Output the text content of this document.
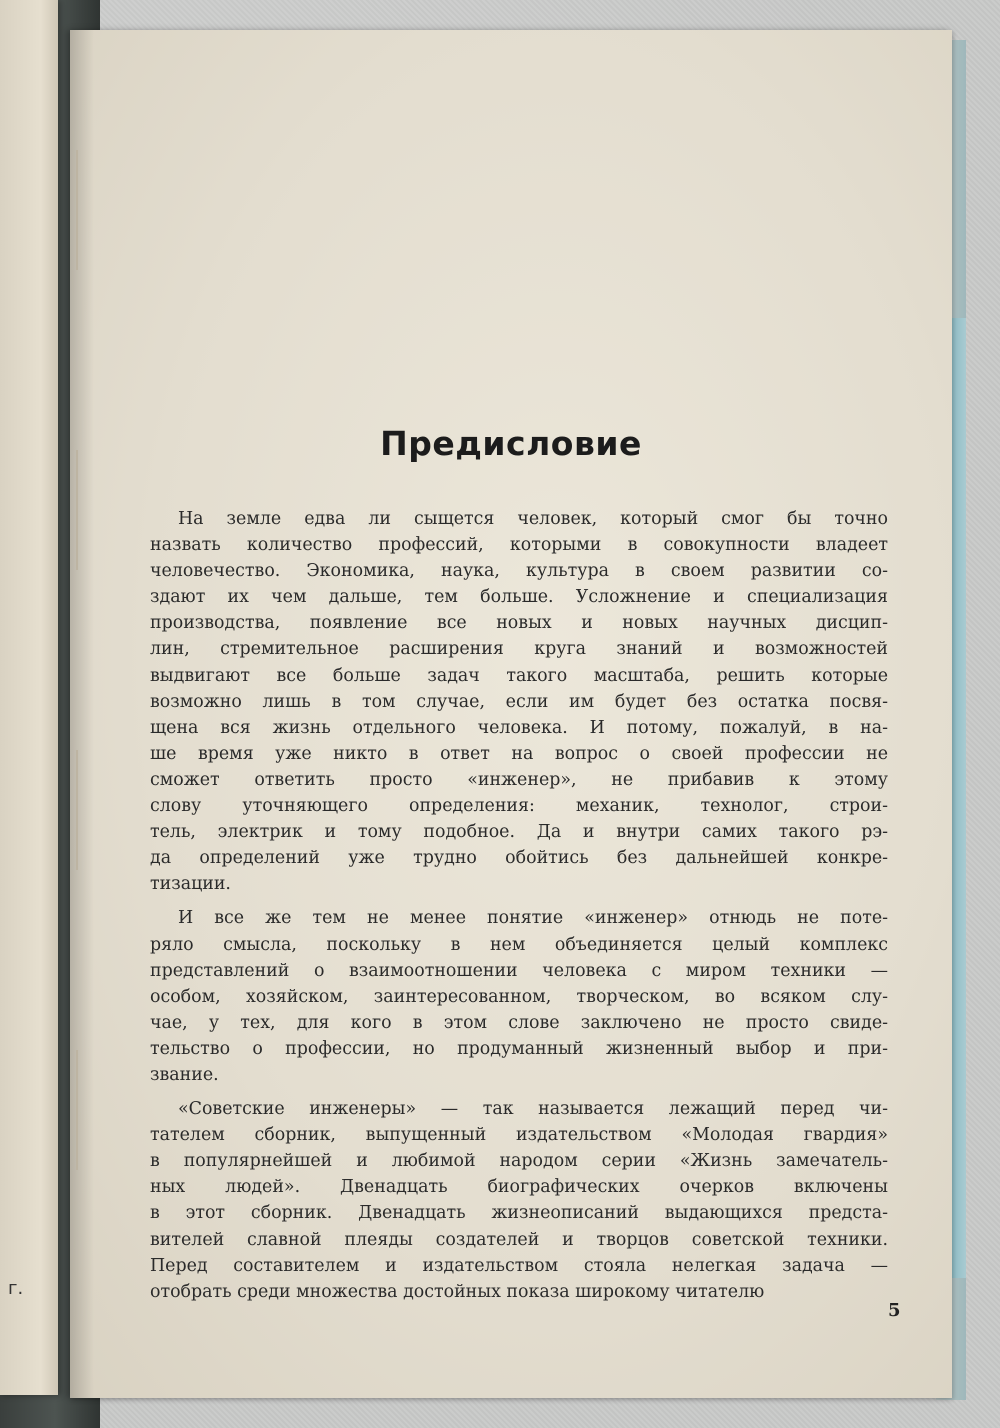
г.
Предисловие
На земле едва ли сыщется человек, который смог бы точно
назвать количество профессий, которыми в совокупности владеет
человечество. Экономика, наука, культура в своем развитии со-
здают их чем дальше, тем больше. Усложнение и специализация
производства, появление все новых и новых научных дисцип-
лин, стремительное расширения круга знаний и возможностей
выдвигают все больше задач такого масштаба, решить которые
возможно лишь в том случае, если им будет без остатка посвя-
щена вся жизнь отдельного человека. И потому, пожалуй, в на-
ше время уже никто в ответ на вопрос о своей профессии не
сможет ответить просто «инженер», не прибавив к этому
слову уточняющего определения: механик, технолог, строи-
тель, электрик и тому подобное. Да и внутри самих такого рэ-
да определений уже трудно обойтись без дальнейшей конкре-
тизации.
И все же тем не менее понятие «инженер» отнюдь не поте-
ряло смысла, поскольку в нем объединяется целый комплекс
представлений о взаимоотношении человека с миром техники —
особом, хозяйском, заинтересованном, творческом, во всяком слу-
чае, у тех, для кого в этом слове заключено не просто свиде-
тельство о профессии, но продуманный жизненный выбор и при-
звание.
«Советские инженеры» — так называется лежащий перед чи-
тателем сборник, выпущенный издательством «Молодая гвардия»
в популярнейшей и любимой народом серии «Жизнь замечатель-
ных людей». Двенадцать биографических очерков включены
в этот сборник. Двенадцать жизнеописаний выдающихся предста-
вителей славной плеяды создателей и творцов советской техники.
Перед составителем и издательством стояла нелегкая задача —
отобрать среди множества достойных показа широкому читателю
5
